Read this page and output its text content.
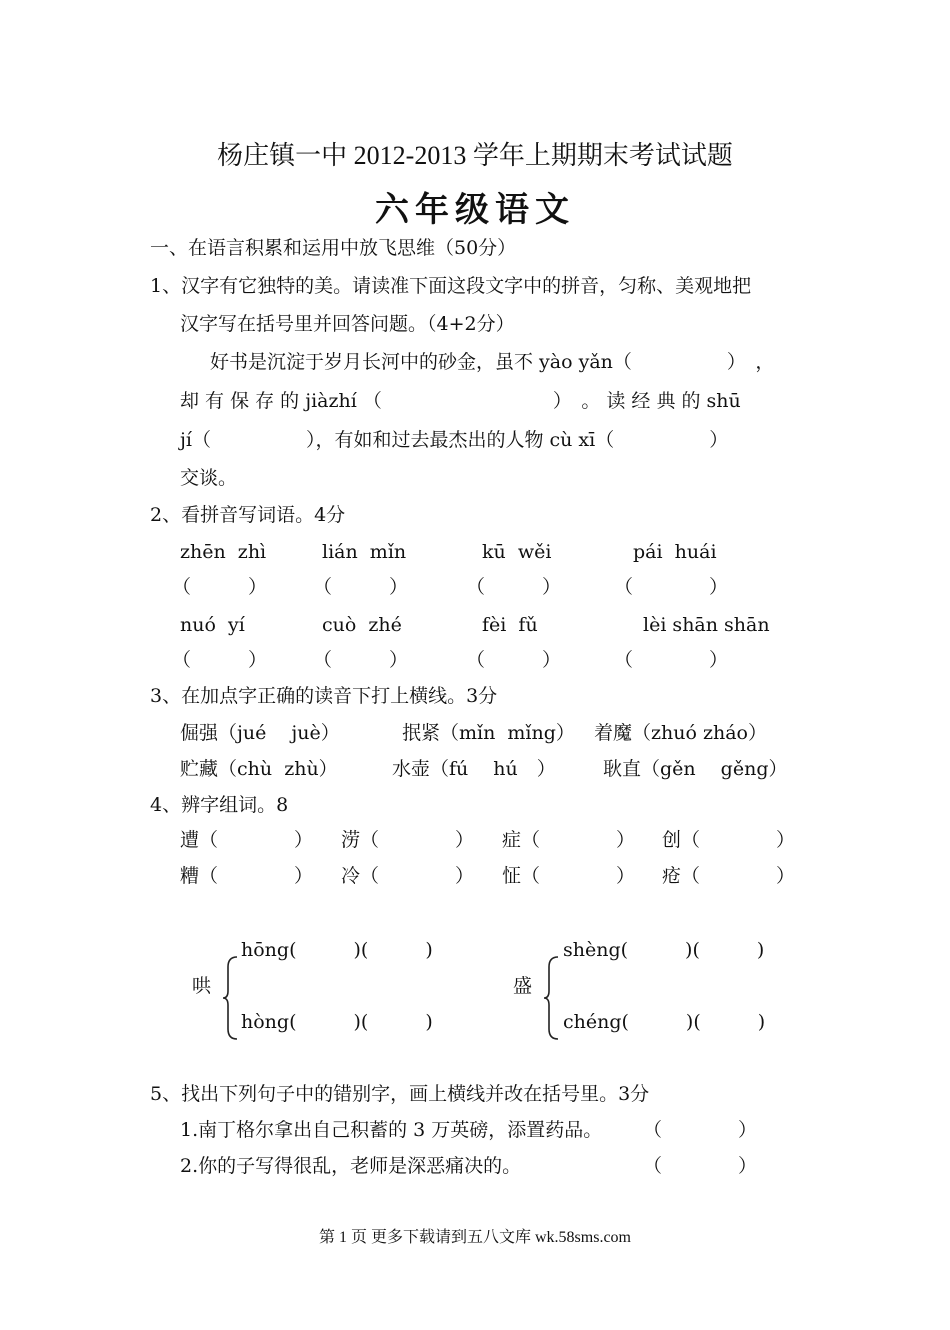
杨庄镇一中 2012-2013 学年上期期末考试试题
六年级语文
一、在语言积累和运用中放飞思维（50分）
1、汉字有它独特的美。请读准下面这段文字中的拼音，匀称、美观地把
汉字写在括号里并回答问题。（4+2分）
好书是沉淀于岁月长河中的砂金，虽不 yào yǎn（　　　　　）　，
却 有 保 存 的 jiàzhí （　　　　　　　　　）　。 读 经 典 的 shū
jí（　　　　　），有如和过去最杰出的人物 cù xī（　　　　　）
交谈。
2、看拼音写词语。4分
zhēn  zhì	lián  mǐn	kū  wěi	pái  huái
（　　　） （　　　）	（　　　）	（　　　　）
nuó  yí	cuò  zhé	fèi  fǔ	lèi shān shān
（　　　） （　　　）	（　　　）	（　　　　）
3、在加点字正确的读音下打上横线。3分
倔强（jué　 juè）	抿紧（mǐn  mǐng） 着魔（zhuó zháo）
贮藏（chù  zhù）	水壶（fú　 hú　） 耿直（gěn　 gěng）
4、辨字组词。8
遭（　　　　） 涝（　　　　） 症（　　　　） 创（　　　　）
糟（　　　　） 冷（　　　　） 怔（　　　　） 疮（　　　　）
hōng(　　　)(　　　)
哄
hòng(　　　)(　　　)
shèng(　　　)(　　　)
盛
chéng(　　　)(　　　)
5、找出下列句子中的错别字，画上横线并改在括号里。3分
1.南丁格尔拿出自己积蓄的 3 万英磅，添置药品。 （　　　　）
2.你的子写得很乱，老师是深恶痛决的。	（　　　　）
第 1 页 更多下载请到五八文库 wk.58sms.com
